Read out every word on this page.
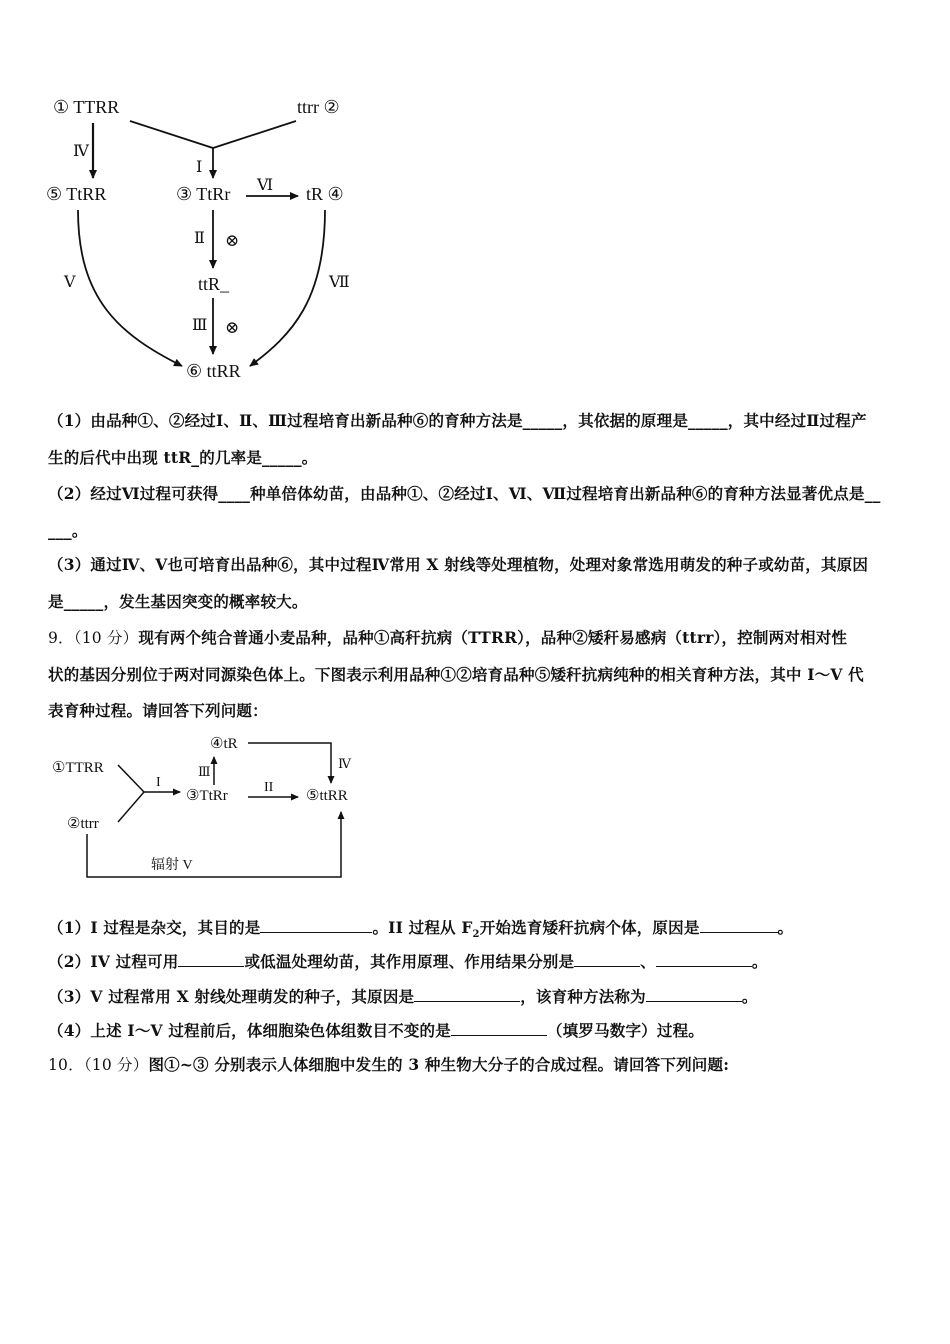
① TTRR	ttrr ②
⑤ TtRR	③ TtRr	tR ④
ttR_
⑥ ttRR
Ⅳ
Ⅰ
Ⅵ
Ⅱ ⊗
Ⅲ ⊗
Ⅴ	Ⅶ
（1）由品种①、②经过Ⅰ、Ⅱ、Ⅲ过程培育出新品种⑥的育种方法是_____，其依据的原理是_____，其中经过Ⅱ过程产
生的后代中出现 ttR_的几率是_____。
（2）经过Ⅵ过程可获得____种单倍体幼苗，由品种①、②经过Ⅰ、Ⅵ、Ⅶ过程培育出新品种⑥的育种方法显著优点是__
___。
（3）通过Ⅳ、Ⅴ也可培育出品种⑥，其中过程Ⅳ常用 X 射线等处理植物，处理对象常选用萌发的种子或幼苗，其原因
是_____，发生基因突变的概率较大。
9．（10 分）现有两个纯合普通小麦品种，品种①高秆抗病（TTRR），品种②矮秆易感病（ttrr），控制两对相对性
状的基因分别位于两对同源染色体上。下图表示利用品种①②培育品种⑤矮秆抗病纯种的相关育种方法，其中 I～V 代
表育种过程。请回答下列问题：
①TTRR
②ttrr
③TtRr
④tR
⑤ttRR
I
Ⅲ
II
Ⅳ
辐射 V
（1）I 过程是杂交，其目的是	。II 过程从 $F_2$开始选育矮秆抗病个体，原因是	。
（2）IV 过程可用	或低温处理幼苗，其作用原理、作用结果分别是	、	。
（3）V 过程常用 X 射线处理萌发的种子，其原因是	，该育种方法称为	。
（4）上述 I～V 过程前后，体细胞染色体组数目不变的是	（填罗马数字）过程。
10．（10 分）图①~③ 分别表示人体细胞中发生的 3 种生物大分子的合成过程。请回答下列问题:
